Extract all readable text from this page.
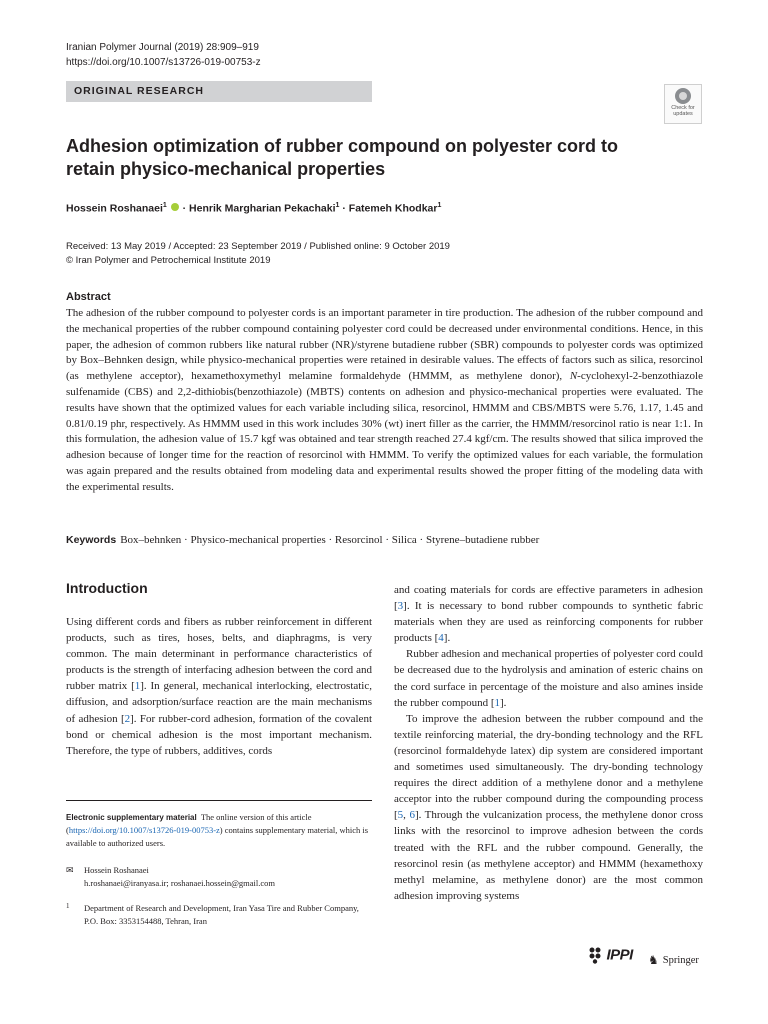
Iranian Polymer Journal (2019) 28:909–919
https://doi.org/10.1007/s13726-019-00753-z
ORIGINAL RESEARCH
Check for
updates
Adhesion optimization of rubber compound on polyester cord to retain physico-mechanical properties
Hossein Roshanaei$^1$  · Henrik Margharian Pekachaki$^1$ · Fatemeh Khodkar$^1$
Received: 13 May 2019 / Accepted: 23 September 2019 / Published online: 9 October 2019
© Iran Polymer and Petrochemical Institute 2019
Abstract

The adhesion of the rubber compound to polyester cords is an important parameter in tire production. The adhesion of the rubber compound and the mechanical properties of the rubber compound containing polyester cord could be decreased under environmental conditions. Hence, in this paper, the adhesion of common rubbers like natural rubber (NR)/styrene butadiene rubber (SBR) compounds to polyester cords was optimized by Box–Behnken design, while physico-mechanical properties were retained in desirable values. The effects of factors such as silica, resorcinol (as methylene acceptor), hexamethoxymethyl melamine formaldehyde (HMMM, as methylene donor), N-cyclohexyl-2-benzothiazole sulfenamide (CBS) and 2,2-dithiobis(benzothiazole) (MBTS) contents on adhesion and physico-mechanical properties were evaluated. The results have shown that the optimized values for each variable including silica, resorcinol, HMMM and CBS/MBTS were 5.76, 1.17, 1.45 and 0.81/0.19 phr, respectively. As HMMM used in this work includes 30% (wt) inert filler as the carrier, the HMMM/resorcinol ratio is near 1:1. In this formulation, the adhesion value of 15.7 kgf was obtained and tear strength reached 27.4 kgf/cm. The results showed that silica improved the adhesion because of longer time for the reaction of resorcinol with HMMM. To verify the optimized values for each variable, the formulation was again prepared and the results obtained from modeling data and experimental results showed the proper fitting of the modeling data with the experimental results.

Keywords Box–behnken · Physico-mechanical properties · Resorcinol · Silica · Styrene–butadiene rubber
Introduction

Using different cords and fibers as rubber reinforcement in different products, such as tires, hoses, belts, and diaphragms, is very common. The main determinant in performance characteristics of products is the strength of interfacing adhesion between the cord and rubber matrix [1]. In general, mechanical interlocking, electrostatic, diffusion, and adsorption/surface reaction are the main mechanisms of adhesion [2]. For rubber-cord adhesion, formation of the covalent bond or chemical adhesion is the most important mechanism. Therefore, the type of rubbers, additives, cords

and coating materials for cords are effective parameters in adhesion [3]. It is necessary to bond rubber compounds to synthetic fabric materials when they are used as reinforcing components for rubber products [4].

Rubber adhesion and mechanical properties of polyester cord could be decreased due to the hydrolysis and amination of esteric chains on the cord surface in percentage of the moisture and also amines inside the rubber compound [1].

To improve the adhesion between the rubber compound and the textile reinforcing material, the dry-bonding technology and the RFL (resorcinol formaldehyde latex) dip system are considered important and sometimes used simultaneously. The dry-bonding technology requires the direct addition of a methylene donor and a methylene acceptor into the rubber compound during the compounding process [5, 6]. Through the vulcanization process, the methylene donor cross links with the resorcinol to improve adhesion between the cords treated with the RFL and the rubber compound. Generally, the resorcinol resin (as methylene acceptor) and HMMM (hexamethoxy methyl melamine, as methylene donor) are the most common adhesion improving systems

Electronic supplementary material The online version of this article (https://doi.org/10.1007/s13726-019-00753-z) contains supplementary material, which is available to authorized users.
✉ Hossein Roshanaei
h.roshanaei@iranyasa.ir; roshanaei.hossein@gmail.com
1 Department of Research and Development, Iran Yasa Tire and Rubber Company, P.O. Box: 3353154488, Tehran, Iran
IPPI ♞ Springer
